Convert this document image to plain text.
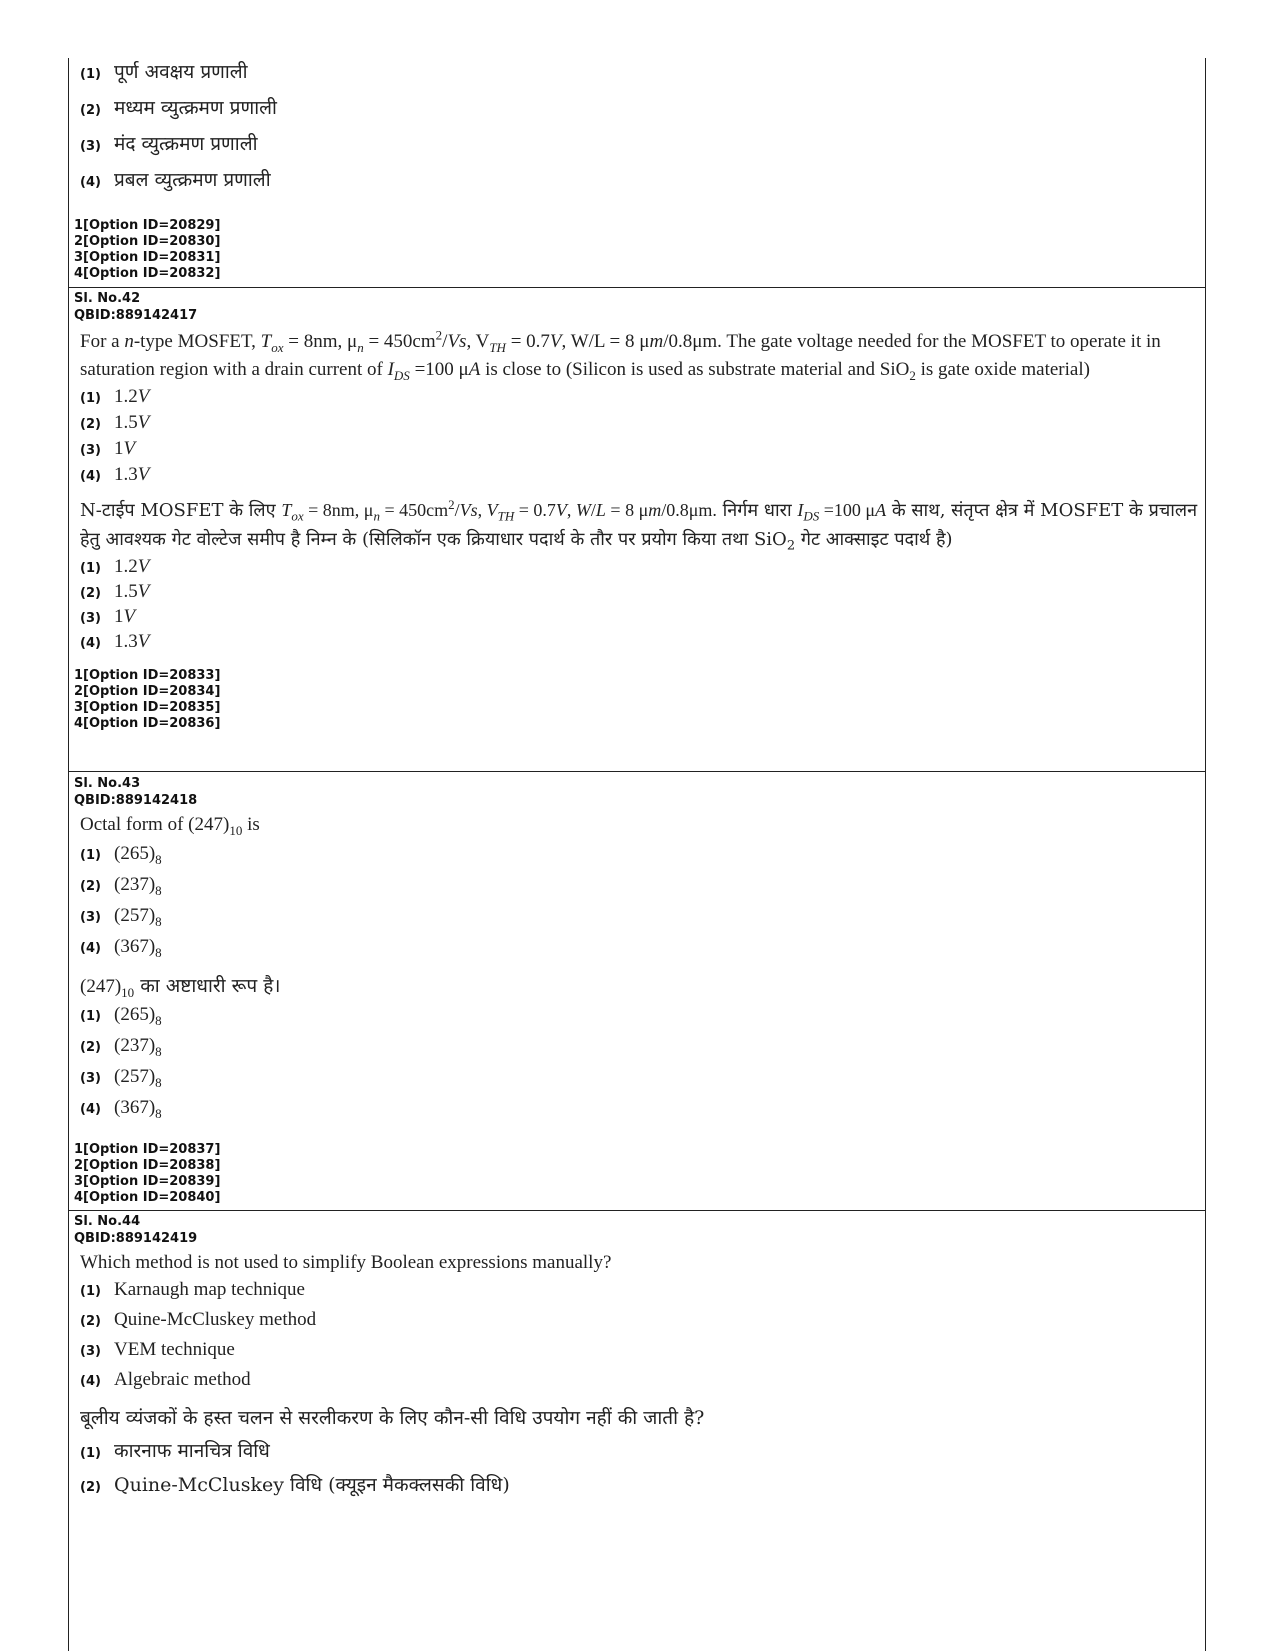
(1) पूर्ण अवक्षय प्रणाली
(2) मध्यम व्युत्क्रमण प्रणाली
(3) मंद व्युत्क्रमण प्रणाली
(4) प्रबल व्युत्क्रमण प्रणाली
1[Option ID=20829]
2[Option ID=20830]
3[Option ID=20831]
4[Option ID=20832]
Sl. No.42
QBID:889142417
For a n-type MOSFET, $T_{ox} = 8nm$, $\mu_n = 450cm^2/Vs$, $V_{TH} = 0.7V$, W/L = 8 μm/0.8μm. The gate voltage needed for the MOSFET to operate it in saturation region with a drain current of $I_{DS} =100$ μA is close to (Silicon is used as substrate material and SiO$_2$ is gate oxide material)
(1) 1.2V
(2) 1.5V
(3) 1V
(4) 1.3V
N-टाईप MOSFET के लिए $T_{ox} = 8nm$, $\mu_n = 450cm^2/Vs$, $V_{TH} = 0.7V$, W/L = 8 μm/0.8μm. निर्गम धारा $I_{DS} =100$ μA के साथ, संतृप्त क्षेत्र में MOSFET के प्रचालन हेतु आवश्यक गेट वोल्टेज समीप है निम्न के (सिलिकॉन एक क्रियाधार पदार्थ के तौर पर प्रयोग किया तथा SiO$_2$ गेट आक्साइट पदार्थ है)
(1) 1.2V
(2) 1.5V
(3) 1V
(4) 1.3V
1[Option ID=20833]
2[Option ID=20834]
3[Option ID=20835]
4[Option ID=20836]
Sl. No.43
QBID:889142418
Octal form of $(247)_{10}$ is
(1) $(265)_8$
(2) $(237)_8$
(3) $(257)_8$
(4) $(367)_8$
$(247)_{10}$ का अष्टाधारी रूप है।
(1) $(265)_8$
(2) $(237)_8$
(3) $(257)_8$
(4) $(367)_8$
1[Option ID=20837]
2[Option ID=20838]
3[Option ID=20839]
4[Option ID=20840]
Sl. No.44
QBID:889142419
Which method is not used to simplify Boolean expressions manually?
(1) Karnaugh map technique
(2) Quine-McCluskey method
(3) VEM technique
(4) Algebraic method
बूलीय व्यंजकों के हस्त चलन से सरलीकरण के लिए कौन-सी विधि उपयोग नहीं की जाती है?
(1) कारनाफ मानचित्र विधि
(2) Quine-McCluskey विधि (क्यूइन मैकक्लसकी विधि)
